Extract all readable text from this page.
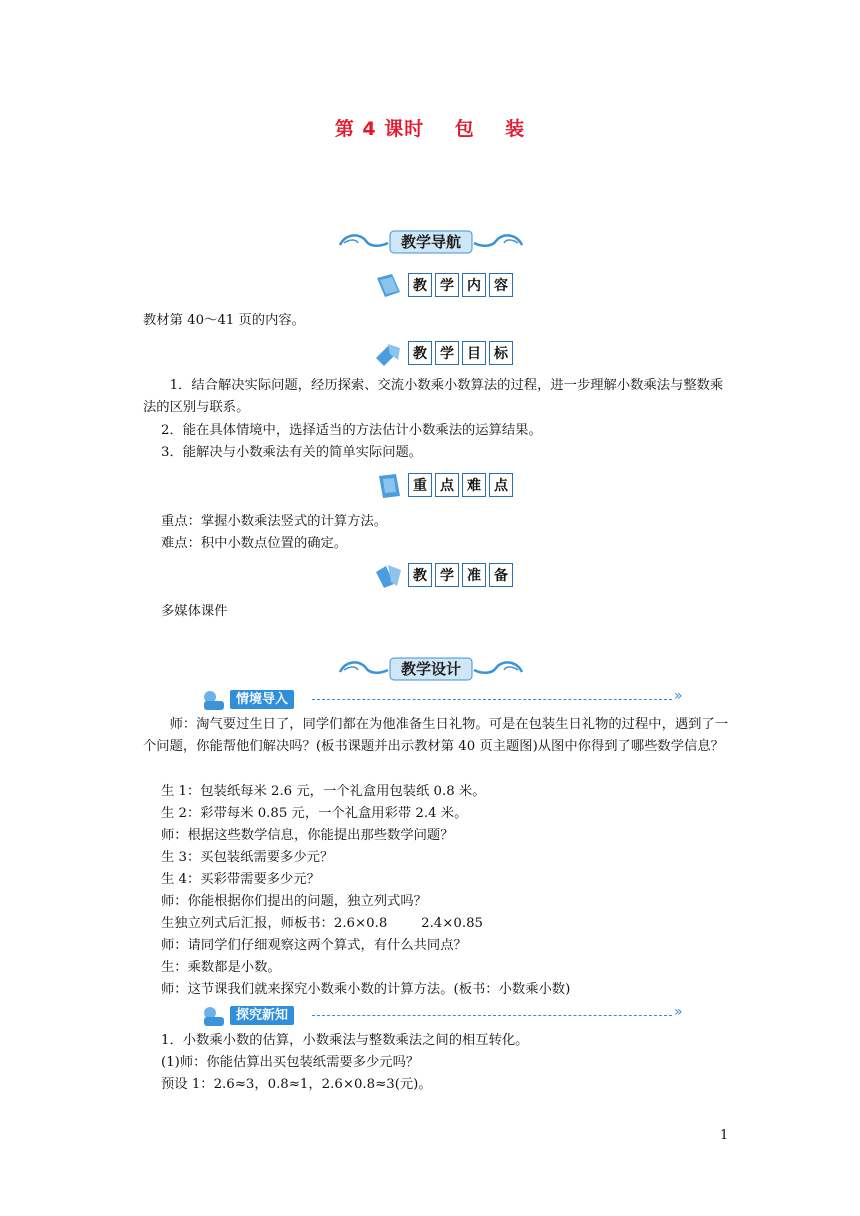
第 4 课时    包    装
教学导航
教 学 内 容
教材第 40～41 页的内容。
教 学 目 标
1．结合解决实际问题，经历探索、交流小数乘小数算法的过程，进一步理解小数乘法与整数乘法的区别与联系。
2．能在具体情境中，选择适当的方法估计小数乘法的运算结果。
3．能解决与小数乘法有关的简单实际问题。
重 点 难 点
重点：掌握小数乘法竖式的计算方法。
难点：积中小数点位置的确定。
教 学 准 备
多媒体课件
教学设计
情境导入	»
师：淘气要过生日了，同学们都在为他准备生日礼物。可是在包装生日礼物的过程中，遇到了一个问题，你能帮他们解决吗？(板书课题并出示教材第 40 页主题图)从图中你得到了哪些数学信息？
生 1：包装纸每米 2.6 元，一个礼盒用包装纸 0.8 米。
生 2：彩带每米 0.85 元，一个礼盒用彩带 2.4 米。
师：根据这些数学信息，你能提出那些数学问题？
生 3：买包装纸需要多少元？
生 4：买彩带需要多少元？
师：你能根据你们提出的问题，独立列式吗？
生独立列式后汇报，师板书：2.6×0.8        2.4×0.85
师：请同学们仔细观察这两个算式，有什么共同点？
生：乘数都是小数。
师：这节课我们就来探究小数乘小数的计算方法。(板书：小数乘小数)
探究新知	»
1．小数乘小数的估算，小数乘法与整数乘法之间的相互转化。
(1)师：你能估算出买包装纸需要多少元吗？
预设 1：2.6≈3，0.8≈1，2.6×0.8≈3(元)。
1
